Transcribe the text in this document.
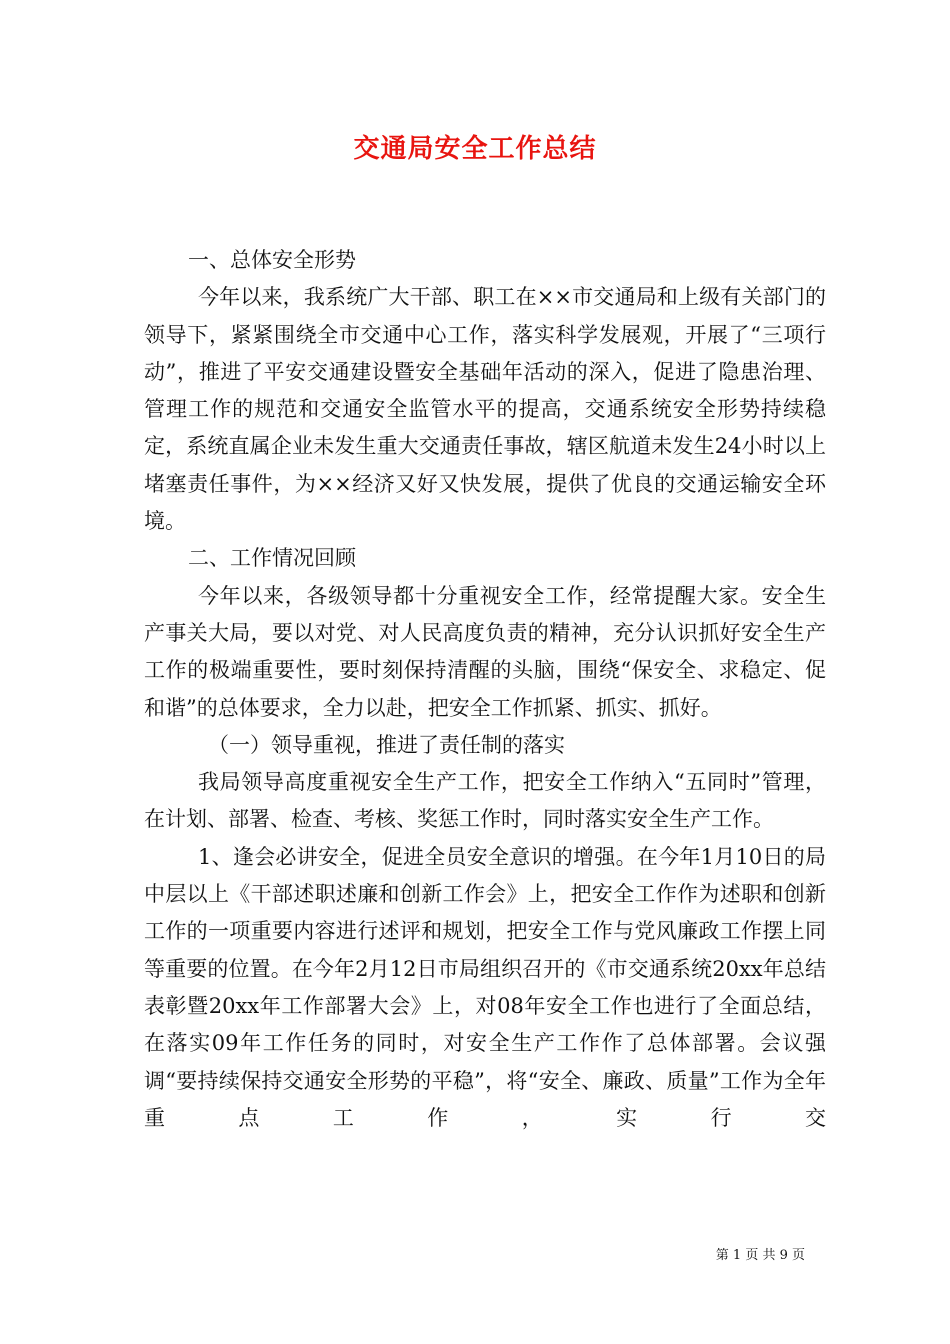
交通局安全工作总结

一、总体安全形势

今年以来，我系统广大干部、职工在××市交通局和上级有关部门的领导下，紧紧围绕全市交通中心工作，落实科学发展观，开展了“三项行动”，推进了平安交通建设暨安全基础年活动的深入，促进了隐患治理、管理工作的规范和交通安全监管水平的提高，交通系统安全形势持续稳定，系统直属企业未发生重大交通责任事故，辖区航道未发生24小时以上堵塞责任事件，为××经济又好又快发展，提供了优良的交通运输安全环境。

二、工作情况回顾

今年以来，各级领导都十分重视安全工作，经常提醒大家。安全生产事关大局，要以对党、对人民高度负责的精神，充分认识抓好安全生产工作的极端重要性，要时刻保持清醒的头脑，围绕“保安全、求稳定、促和谐”的总体要求，全力以赴，把安全工作抓紧、抓实、抓好。

（一）领导重视，推进了责任制的落实

我局领导高度重视安全生产工作，把安全工作纳入“五同时”管理，在计划、部署、检查、考核、奖惩工作时，同时落实安全生产工作。

1、逢会必讲安全，促进全员安全意识的增强。在今年1月10日的局中层以上《干部述职述廉和创新工作会》上，把安全工作作为述职和创新工作的一项重要内容进行述评和规划，把安全工作与党风廉政工作摆上同等重要的位置。在今年2月12日市局组织召开的《市交通系统20xx年总结表彰暨20xx年工作部署大会》上，对08年安全工作也进行了全面总结，在落实09年工作任务的同时，对安全生产工作作了总体部署。会议强调“要持续保持交通安全形势的平稳”，将“安全、廉政、质量”工作为全年重点工作，实行交

第 1 页 共 9 页
